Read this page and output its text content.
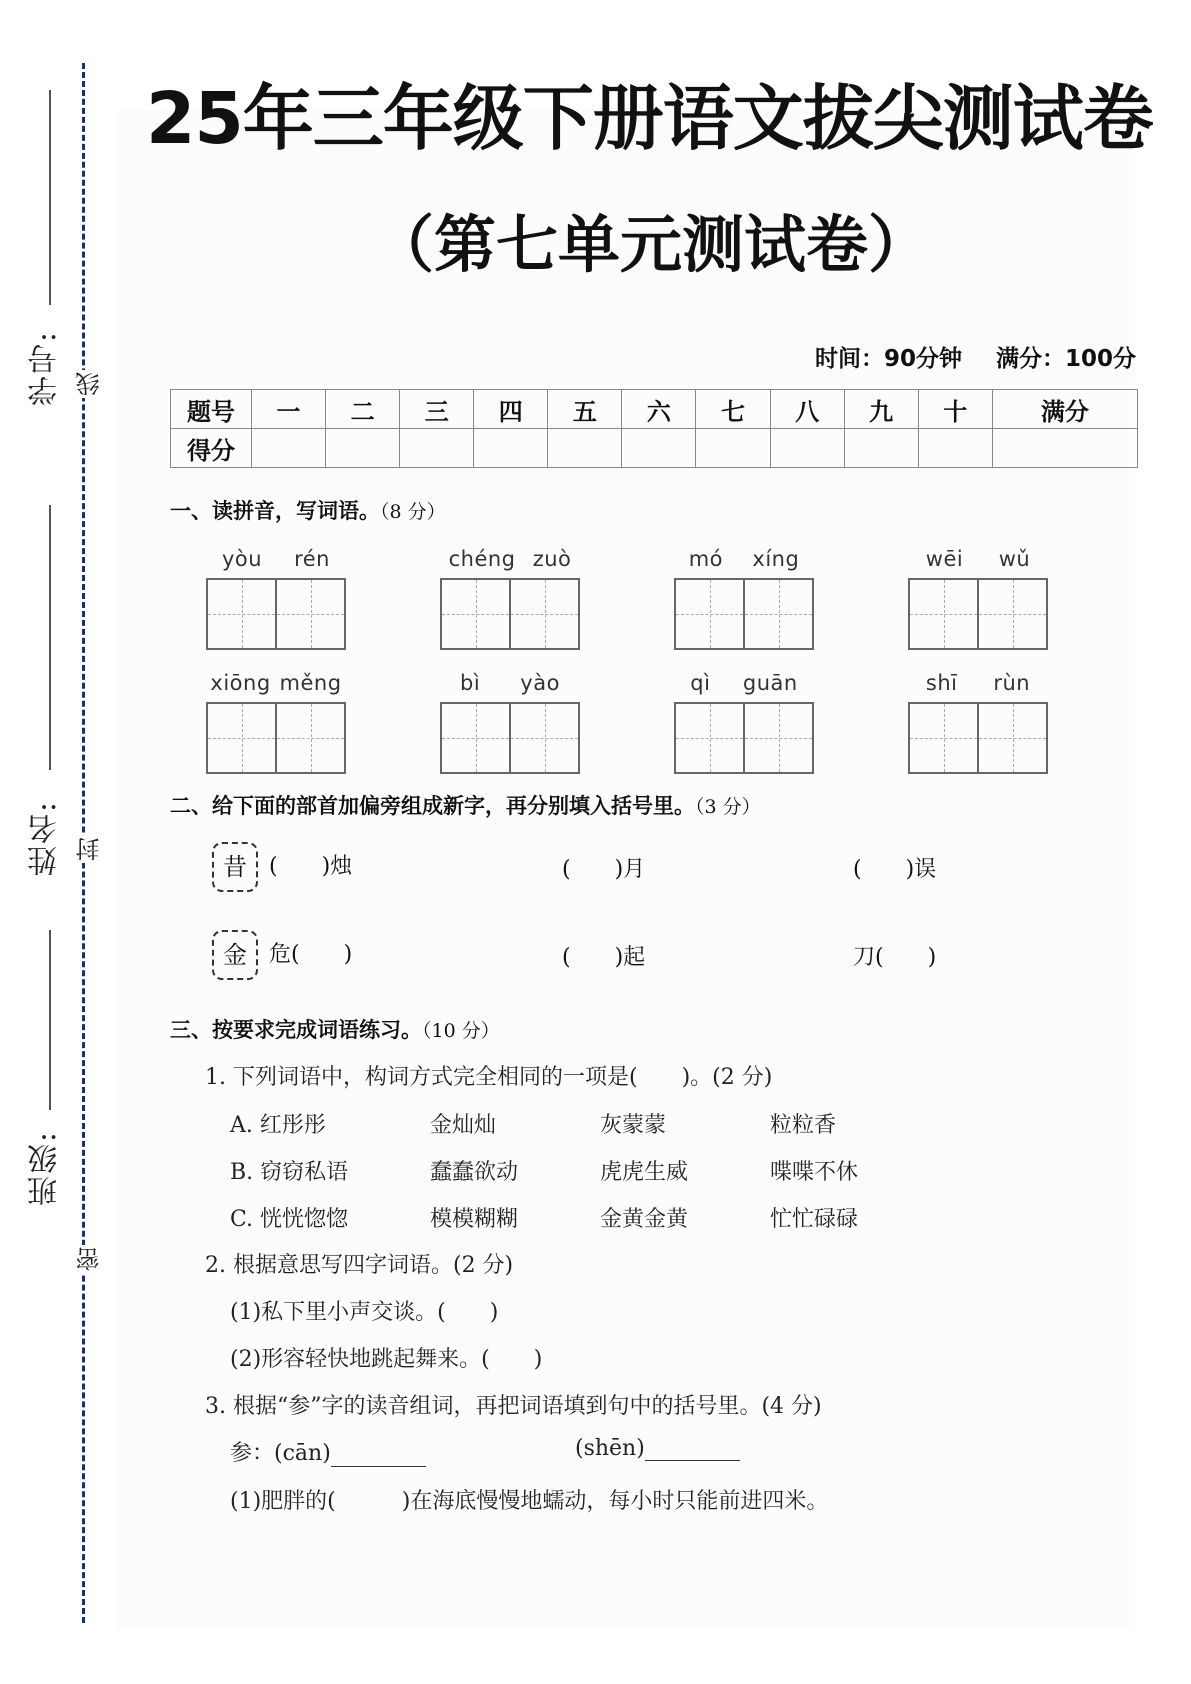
学号:
姓名:
班级:
线
封
密
25年三年级下册语文拔尖测试卷
（第七单元测试卷）
时间：90分钟 满分：100分
题号	一	二	三	四	五	六	七	八	九	十	满分
得分											
一、读拼音，写词语。（8 分）
yòu rén	chéng zuò	mó xíng	wēi wǔ
xiōng měng	bì yào	qì guān	shī rùn
二、给下面的部首加偏旁组成新字，再分别填入括号里。（3 分）
昔 (　　)烛	(　　)月	(　　)误
金 危(　　)	(　　)起	刀(　　)
三、按要求完成词语练习。（10 分）
1. 下列词语中，构词方式完全相同的一项是(　　)。(2 分)
A. 红彤彤	金灿灿	灰蒙蒙	粒粒香
B. 窃窃私语	蠢蠢欲动	虎虎生威	喋喋不休
C. 恍恍惚惚	模模糊糊	金黄金黄	忙忙碌碌
2. 根据意思写四字词语。(2 分)
(1)私下里小声交谈。(　　)
(2)形容轻快地跳起舞来。(　　)
3. 根据“参”字的读音组词，再把词语填到句中的括号里。(4 分)
参：(cān)	(shēn)
(1)肥胖的(　　　)在海底慢慢地蠕动，每小时只能前进四米。
